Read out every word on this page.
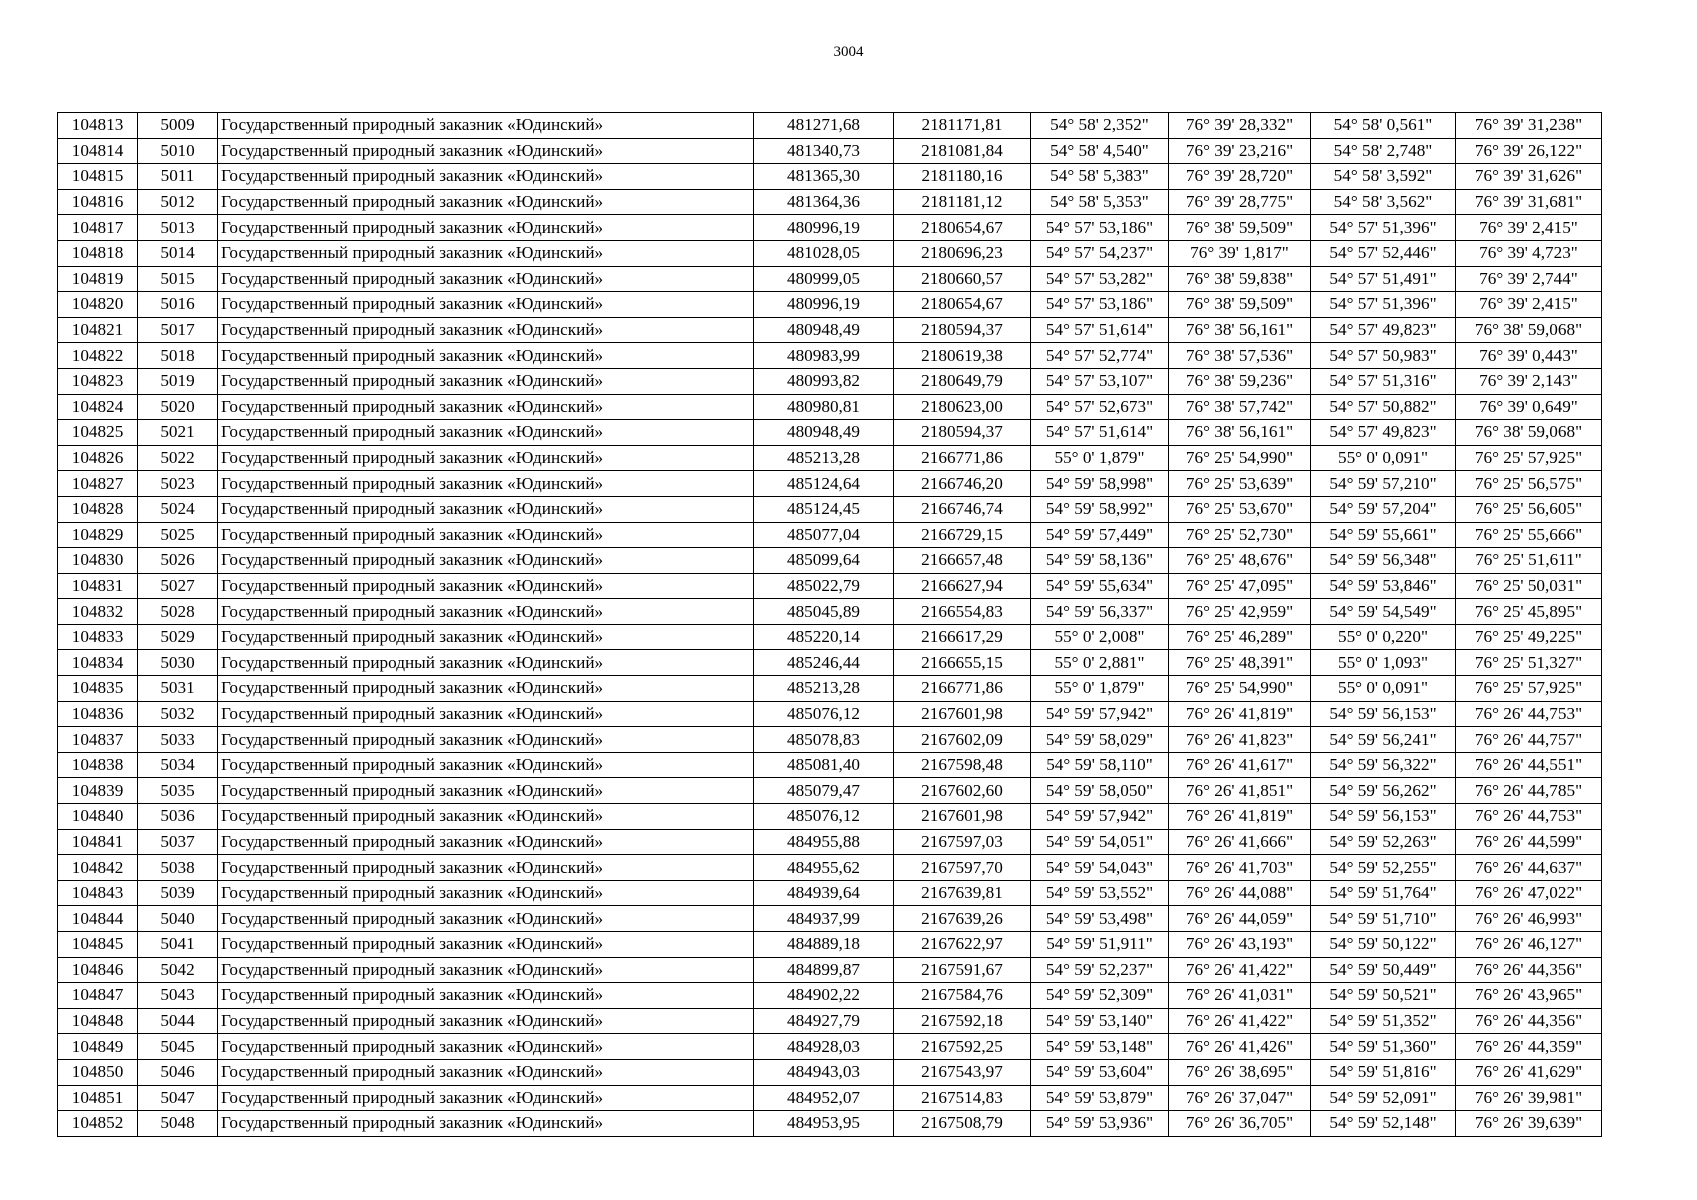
3004
104813	5009	Государственный природный заказник «Юдинский»	481271,68	2181171,81	54° 58' 2,352"	76° 39' 28,332"	54° 58' 0,561"	76° 39' 31,238"
104814	5010	Государственный природный заказник «Юдинский»	481340,73	2181081,84	54° 58' 4,540"	76° 39' 23,216"	54° 58' 2,748"	76° 39' 26,122"
104815	5011	Государственный природный заказник «Юдинский»	481365,30	2181180,16	54° 58' 5,383"	76° 39' 28,720"	54° 58' 3,592"	76° 39' 31,626"
104816	5012	Государственный природный заказник «Юдинский»	481364,36	2181181,12	54° 58' 5,353"	76° 39' 28,775"	54° 58' 3,562"	76° 39' 31,681"
104817	5013	Государственный природный заказник «Юдинский»	480996,19	2180654,67	54° 57' 53,186"	76° 38' 59,509"	54° 57' 51,396"	76° 39' 2,415"
104818	5014	Государственный природный заказник «Юдинский»	481028,05	2180696,23	54° 57' 54,237"	76° 39' 1,817"	54° 57' 52,446"	76° 39' 4,723"
104819	5015	Государственный природный заказник «Юдинский»	480999,05	2180660,57	54° 57' 53,282"	76° 38' 59,838"	54° 57' 51,491"	76° 39' 2,744"
104820	5016	Государственный природный заказник «Юдинский»	480996,19	2180654,67	54° 57' 53,186"	76° 38' 59,509"	54° 57' 51,396"	76° 39' 2,415"
104821	5017	Государственный природный заказник «Юдинский»	480948,49	2180594,37	54° 57' 51,614"	76° 38' 56,161"	54° 57' 49,823"	76° 38' 59,068"
104822	5018	Государственный природный заказник «Юдинский»	480983,99	2180619,38	54° 57' 52,774"	76° 38' 57,536"	54° 57' 50,983"	76° 39' 0,443"
104823	5019	Государственный природный заказник «Юдинский»	480993,82	2180649,79	54° 57' 53,107"	76° 38' 59,236"	54° 57' 51,316"	76° 39' 2,143"
104824	5020	Государственный природный заказник «Юдинский»	480980,81	2180623,00	54° 57' 52,673"	76° 38' 57,742"	54° 57' 50,882"	76° 39' 0,649"
104825	5021	Государственный природный заказник «Юдинский»	480948,49	2180594,37	54° 57' 51,614"	76° 38' 56,161"	54° 57' 49,823"	76° 38' 59,068"
104826	5022	Государственный природный заказник «Юдинский»	485213,28	2166771,86	55° 0' 1,879"	76° 25' 54,990"	55° 0' 0,091"	76° 25' 57,925"
104827	5023	Государственный природный заказник «Юдинский»	485124,64	2166746,20	54° 59' 58,998"	76° 25' 53,639"	54° 59' 57,210"	76° 25' 56,575"
104828	5024	Государственный природный заказник «Юдинский»	485124,45	2166746,74	54° 59' 58,992"	76° 25' 53,670"	54° 59' 57,204"	76° 25' 56,605"
104829	5025	Государственный природный заказник «Юдинский»	485077,04	2166729,15	54° 59' 57,449"	76° 25' 52,730"	54° 59' 55,661"	76° 25' 55,666"
104830	5026	Государственный природный заказник «Юдинский»	485099,64	2166657,48	54° 59' 58,136"	76° 25' 48,676"	54° 59' 56,348"	76° 25' 51,611"
104831	5027	Государственный природный заказник «Юдинский»	485022,79	2166627,94	54° 59' 55,634"	76° 25' 47,095"	54° 59' 53,846"	76° 25' 50,031"
104832	5028	Государственный природный заказник «Юдинский»	485045,89	2166554,83	54° 59' 56,337"	76° 25' 42,959"	54° 59' 54,549"	76° 25' 45,895"
104833	5029	Государственный природный заказник «Юдинский»	485220,14	2166617,29	55° 0' 2,008"	76° 25' 46,289"	55° 0' 0,220"	76° 25' 49,225"
104834	5030	Государственный природный заказник «Юдинский»	485246,44	2166655,15	55° 0' 2,881"	76° 25' 48,391"	55° 0' 1,093"	76° 25' 51,327"
104835	5031	Государственный природный заказник «Юдинский»	485213,28	2166771,86	55° 0' 1,879"	76° 25' 54,990"	55° 0' 0,091"	76° 25' 57,925"
104836	5032	Государственный природный заказник «Юдинский»	485076,12	2167601,98	54° 59' 57,942"	76° 26' 41,819"	54° 59' 56,153"	76° 26' 44,753"
104837	5033	Государственный природный заказник «Юдинский»	485078,83	2167602,09	54° 59' 58,029"	76° 26' 41,823"	54° 59' 56,241"	76° 26' 44,757"
104838	5034	Государственный природный заказник «Юдинский»	485081,40	2167598,48	54° 59' 58,110"	76° 26' 41,617"	54° 59' 56,322"	76° 26' 44,551"
104839	5035	Государственный природный заказник «Юдинский»	485079,47	2167602,60	54° 59' 58,050"	76° 26' 41,851"	54° 59' 56,262"	76° 26' 44,785"
104840	5036	Государственный природный заказник «Юдинский»	485076,12	2167601,98	54° 59' 57,942"	76° 26' 41,819"	54° 59' 56,153"	76° 26' 44,753"
104841	5037	Государственный природный заказник «Юдинский»	484955,88	2167597,03	54° 59' 54,051"	76° 26' 41,666"	54° 59' 52,263"	76° 26' 44,599"
104842	5038	Государственный природный заказник «Юдинский»	484955,62	2167597,70	54° 59' 54,043"	76° 26' 41,703"	54° 59' 52,255"	76° 26' 44,637"
104843	5039	Государственный природный заказник «Юдинский»	484939,64	2167639,81	54° 59' 53,552"	76° 26' 44,088"	54° 59' 51,764"	76° 26' 47,022"
104844	5040	Государственный природный заказник «Юдинский»	484937,99	2167639,26	54° 59' 53,498"	76° 26' 44,059"	54° 59' 51,710"	76° 26' 46,993"
104845	5041	Государственный природный заказник «Юдинский»	484889,18	2167622,97	54° 59' 51,911"	76° 26' 43,193"	54° 59' 50,122"	76° 26' 46,127"
104846	5042	Государственный природный заказник «Юдинский»	484899,87	2167591,67	54° 59' 52,237"	76° 26' 41,422"	54° 59' 50,449"	76° 26' 44,356"
104847	5043	Государственный природный заказник «Юдинский»	484902,22	2167584,76	54° 59' 52,309"	76° 26' 41,031"	54° 59' 50,521"	76° 26' 43,965"
104848	5044	Государственный природный заказник «Юдинский»	484927,79	2167592,18	54° 59' 53,140"	76° 26' 41,422"	54° 59' 51,352"	76° 26' 44,356"
104849	5045	Государственный природный заказник «Юдинский»	484928,03	2167592,25	54° 59' 53,148"	76° 26' 41,426"	54° 59' 51,360"	76° 26' 44,359"
104850	5046	Государственный природный заказник «Юдинский»	484943,03	2167543,97	54° 59' 53,604"	76° 26' 38,695"	54° 59' 51,816"	76° 26' 41,629"
104851	5047	Государственный природный заказник «Юдинский»	484952,07	2167514,83	54° 59' 53,879"	76° 26' 37,047"	54° 59' 52,091"	76° 26' 39,981"
104852	5048	Государственный природный заказник «Юдинский»	484953,95	2167508,79	54° 59' 53,936"	76° 26' 36,705"	54° 59' 52,148"	76° 26' 39,639"
